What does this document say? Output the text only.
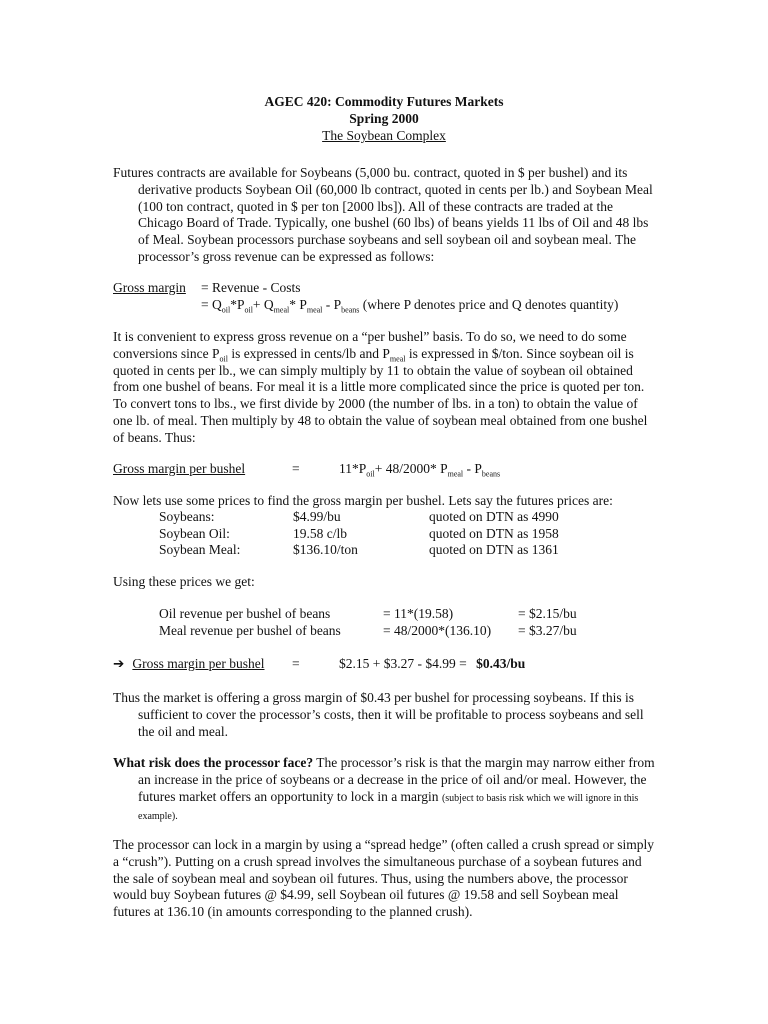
AGEC 420: Commodity Futures Markets
Spring 2000
The Soybean Complex
Futures contracts are available for Soybeans (5,000 bu. contract, quoted in $ per bushel) and its derivative products Soybean Oil (60,000 lb contract, quoted in cents per lb.) and Soybean Meal (100 ton contract, quoted in $ per ton [2000 lbs]). All of these contracts are traded at the Chicago Board of Trade. Typically, one bushel (60 lbs) of beans yields 11 lbs of Oil and 48 lbs of Meal. Soybean processors purchase soybeans and sell soybean oil and soybean meal. The processor’s gross revenue can be expressed as follows:
Gross margin = Revenue - Costs
= $Q_{oil}*P_{oil}+ Q_{meal}*$ $P_{meal} - P_{beans}$ (where P denotes price and Q denotes quantity)
It is convenient to express gross revenue on a “per bushel” basis. To do so, we need to do some conversions since $P_{oil}$ is expressed in cents/lb and $P_{meal}$ is expressed in $/ton. Since soybean oil is quoted in cents per lb., we can simply multiply by 11 to obtain the value of soybean oil obtained from one bushel of beans. For meal it is a little more complicated since the price is quoted per ton. To convert tons to lbs., we first divide by 2000 (the number of lbs. in a ton) to obtain the value of one lb. of meal. Then multiply by 48 to obtain the value of soybean meal obtained from one bushel of beans. Thus:
Gross margin per bushel	=	$11*P_{oil}+ 48/2000*$ $P_{meal} - P_{beans}$
Now lets use some prices to find the gross margin per bushel. Lets say the futures prices are:
Soybeans:	$4.99/bu	quoted on DTN as 4990
Soybean Oil:	19.58 c/lb	quoted on DTN as 1958
Soybean Meal:	$136.10/ton	quoted on DTN as 1361
Using these prices we get:
Oil revenue per bushel of beans	= 11*(19.58)	= $2.15/bu
Meal revenue per bushel of beans	= 48/2000*(136.10) = $3.27/bu
➔ Gross margin per bushel =	$2.15 + $3.27 - $4.99 = $0.43/bu
Thus the market is offering a gross margin of $0.43 per bushel for processing soybeans. If this is sufficient to cover the processor’s costs, then it will be profitable to process soybeans and sell the oil and meal.
What risk does the processor face? The processor’s risk is that the margin may narrow either from an increase in the price of soybeans or a decrease in the price of oil and/or meal. However, the futures market offers an opportunity to lock in a margin (subject to basis risk which we will ignore in this example).
The processor can lock in a margin by using a “spread hedge” (often called a crush spread or simply a “crush”). Putting on a crush spread involves the simultaneous purchase of a soybean futures and the sale of soybean meal and soybean oil futures. Thus, using the numbers above, the processor would buy Soybean futures @ $4.99, sell Soybean oil futures @ 19.58 and sell Soybean meal futures at 136.10 (in amounts corresponding to the planned crush).
